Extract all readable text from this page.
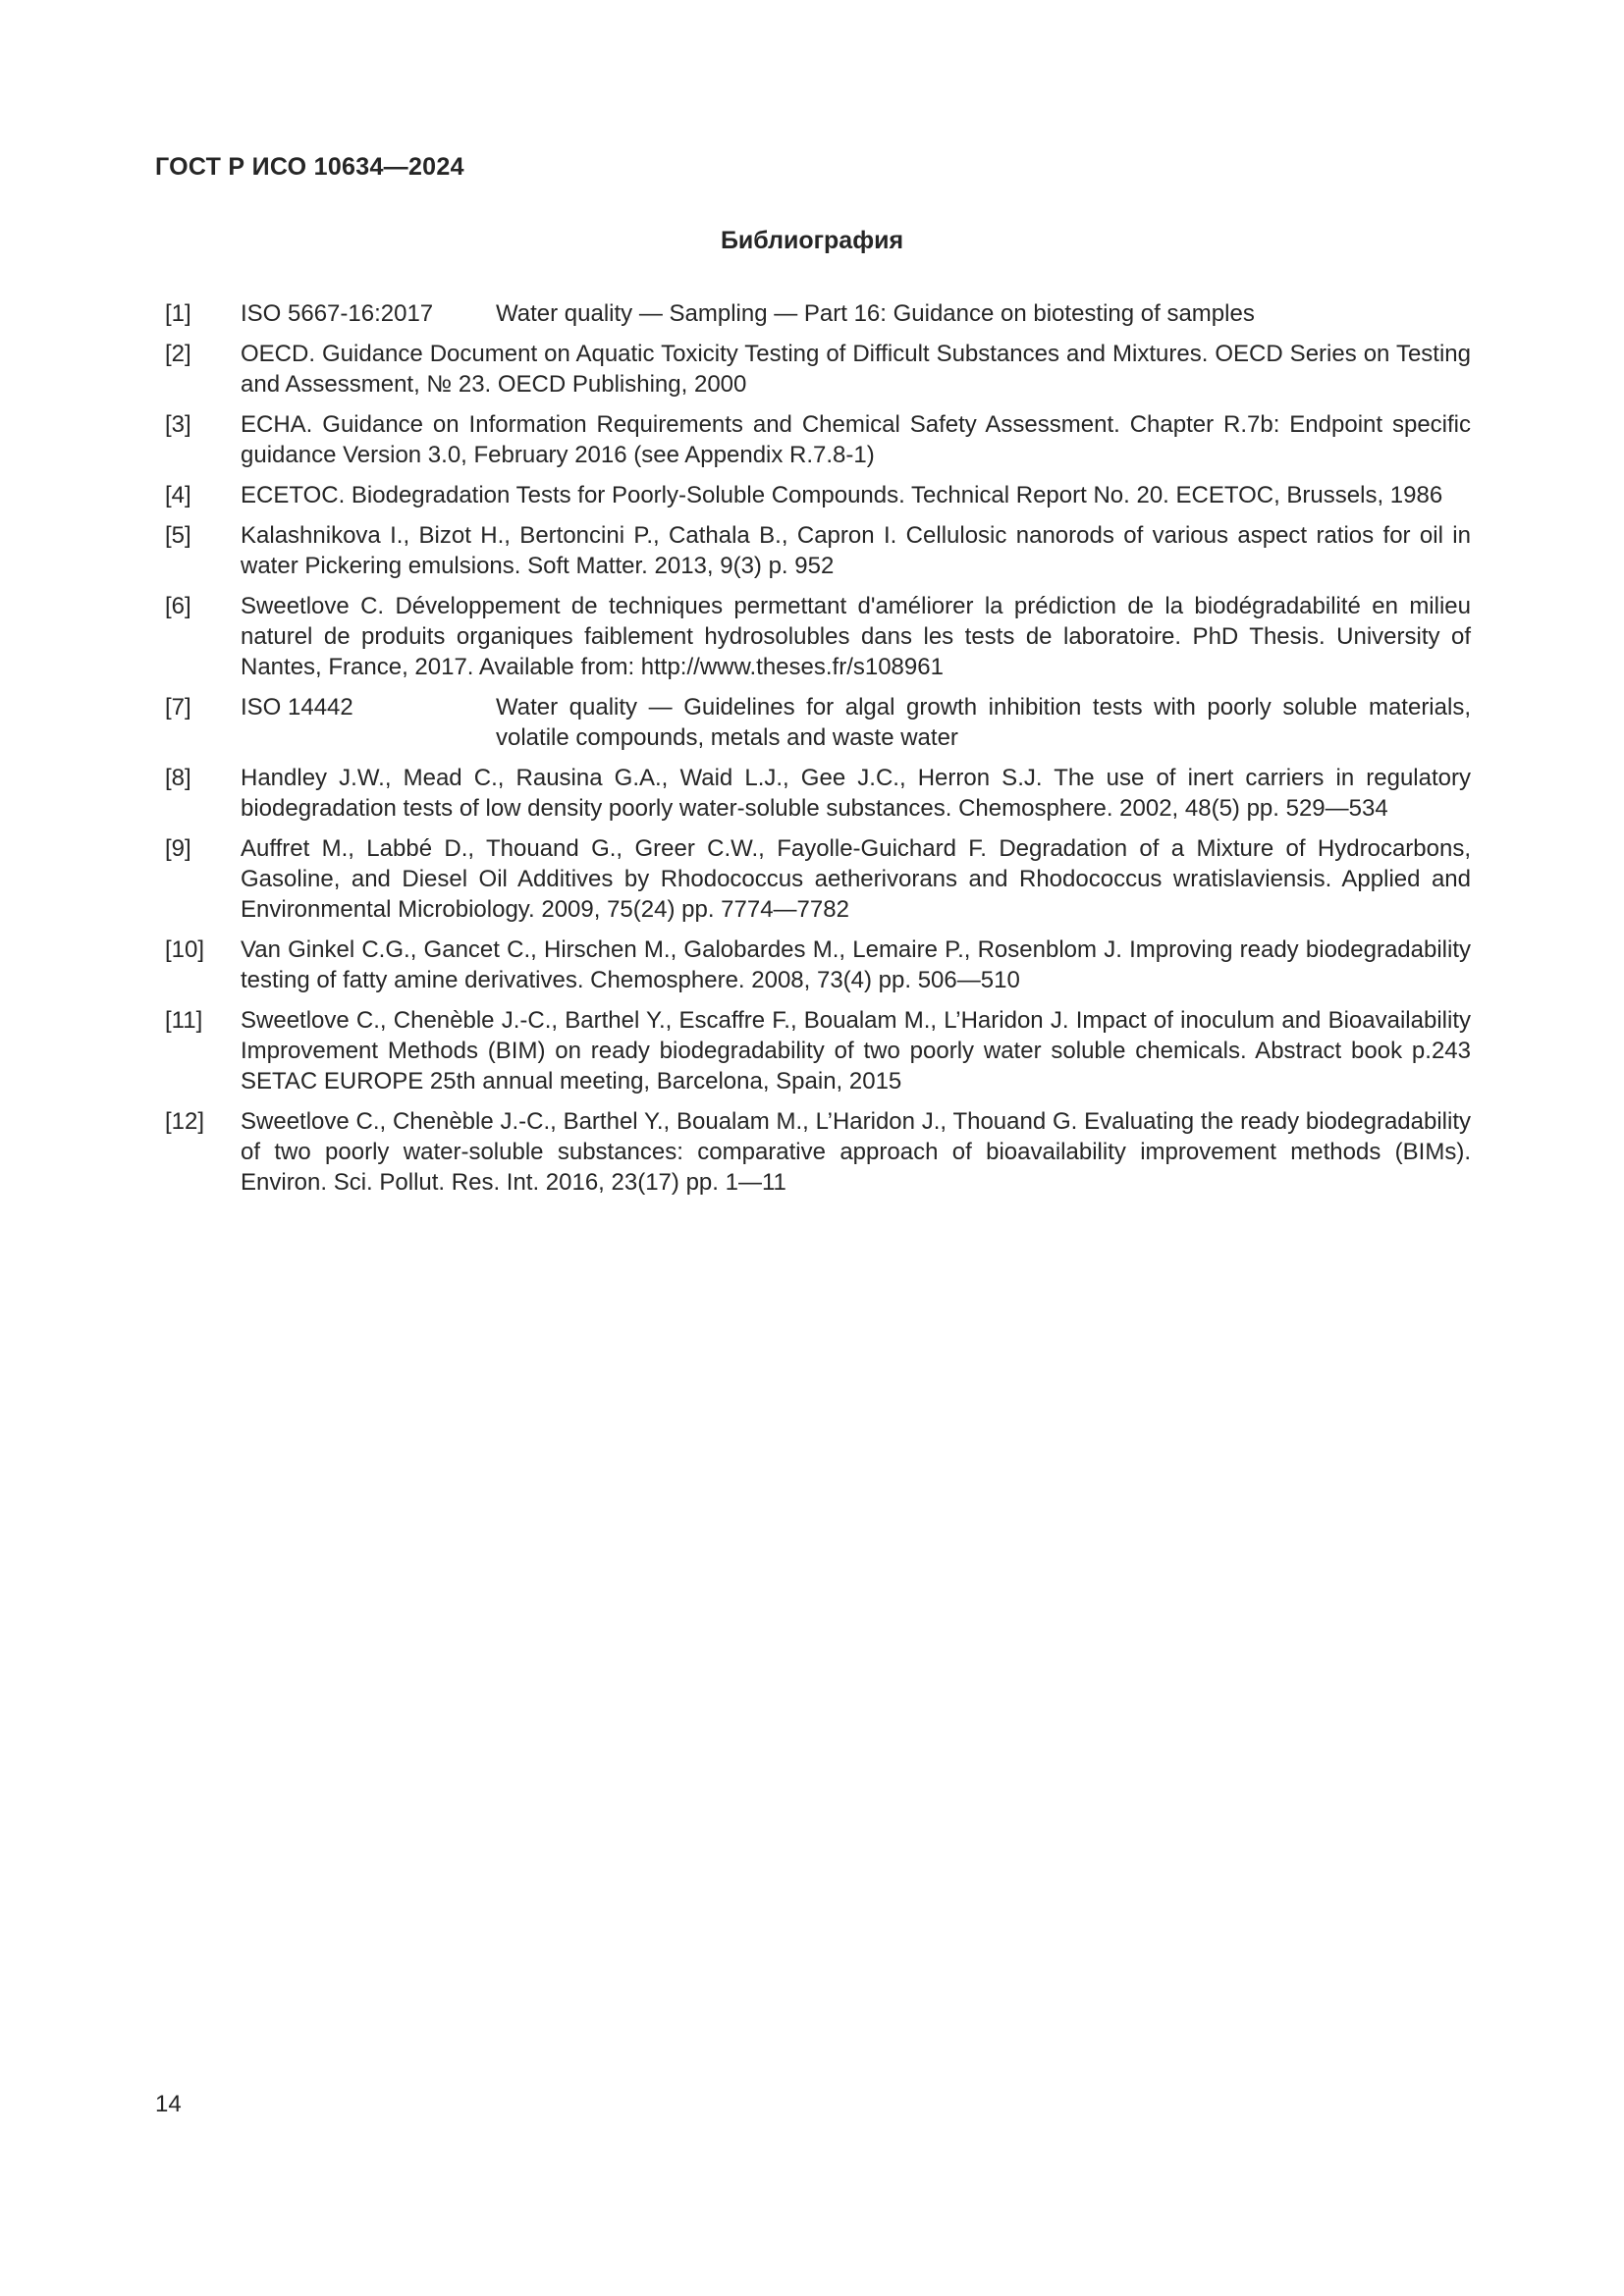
ГОСТ Р ИСО 10634—2024
Библиография
[1] ISO 5667-16:2017	Water quality — Sampling — Part 16: Guidance on biotesting of samples
[2] OECD. Guidance Document on Aquatic Toxicity Testing of Difficult Substances and Mixtures. OECD Series on Testing and Assessment, № 23. OECD Publishing, 2000
[3] ECHA. Guidance on Information Requirements and Chemical Safety Assessment. Chapter R.7b: Endpoint specific guidance Version 3.0, February 2016 (see Appendix R.7.8-1)
[4] ECETOC. Biodegradation Tests for Poorly-Soluble Compounds. Technical Report No. 20. ECETOC, Brussels, 1986
[5] Kalashnikova I., Bizot H., Bertoncini P., Cathala B., Capron I. Cellulosic nanorods of various aspect ratios for oil in water Pickering emulsions. Soft Matter. 2013, 9(3) p. 952
[6] Sweetlove C. Développement de techniques permettant d'améliorer la prédiction de la biodégradabilité en milieu naturel de produits organiques faiblement hydrosolubles dans les tests de laboratoire. PhD Thesis. University of Nantes, France, 2017. Available from: http://www.theses.fr/s108961
[7] ISO 14442	Water quality — Guidelines for algal growth inhibition tests with poorly soluble materials, volatile compounds, metals and waste water
[8] Handley J.W., Mead C., Rausina G.A., Waid L.J., Gee J.C., Herron S.J. The use of inert carriers in regulatory biodegradation tests of low density poorly water-soluble substances. Chemosphere. 2002, 48(5) pp. 529—534
[9] Auffret M., Labbé D., Thouand G., Greer C.W., Fayolle-Guichard F. Degradation of a Mixture of Hydrocarbons, Gasoline, and Diesel Oil Additives by Rhodococcus aetherivorans and Rhodococcus wratislaviensis. Applied and Environmental Microbiology. 2009, 75(24) pp. 7774—7782
[10] Van Ginkel C.G., Gancet C., Hirschen M., Galobardes M., Lemaire P., Rosenblom J. Improving ready biodegradability testing of fatty amine derivatives. Chemosphere. 2008, 73(4) pp. 506—510
[11] Sweetlove C., Chenèble J.-C., Barthel Y., Escaffre F., Boualam M., L’Haridon J. Impact of inoculum and Bioavailability Improvement Methods (BIM) on ready biodegradability of two poorly water soluble chemicals. Abstract book p.243 SETAC EUROPE 25th annual meeting, Barcelona, Spain, 2015
[12] Sweetlove C., Chenèble J.-C., Barthel Y., Boualam M., L’Haridon J., Thouand G. Evaluating the ready biodegradability of two poorly water-soluble substances: comparative approach of bioavailability improvement methods (BIMs). Environ. Sci. Pollut. Res. Int. 2016, 23(17) pp. 1—11
14
